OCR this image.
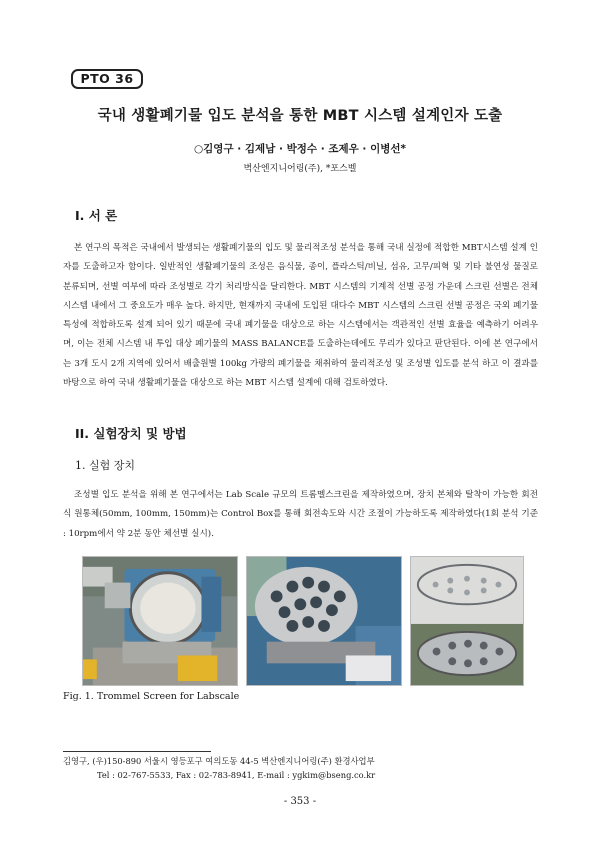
PTO 36
국내 생활폐기물 입도 분석을 통한 MBT 시스템 설계인자 도출
○김영구 · 김제남 · 박정수 · 조제우 · 이병선*
벽산엔지니어링(주), *포스벨
I. 서 론

본 연구의 목적은 국내에서 발생되는 생활폐기물의 입도 및 물리적조성 분석을 통해 국내 실정에 적합한 MBT시스템 설계 인자를 도출하고자 함이다. 일반적인 생활폐기물의 조성은 음식물, 종이, 플라스틱/비닐, 섬유, 고무/피혁 및 기타 불연성 물질로 분류되며, 선별 여부에 따라 조성별로 각기 처리방식을 달리한다. MBT 시스템의 기계적 선별 공정 가운데 스크린 선별은 전체 시스템 내에서 그 중요도가 매우 높다. 하지만, 현재까지 국내에 도입된 대다수 MBT 시스템의 스크린 선별 공정은 국외 폐기물 특성에 적합하도록 설계 되어 있기 때문에 국내 폐기물을 대상으로 하는 시스템에서는 객관적인 선별 효율을 예측하기 어려우며, 이는 전체 시스템 내 투입 대상 폐기물의 MASS BALANCE를 도출하는데에도 무리가 있다고 판단된다. 이에 본 연구에서는 3개 도시 2개 지역에 있어서 배출원별 100kg 가량의 폐기물을 채취하여 물리적조성 및 조성별 입도를 분석 하고 이 결과를 바탕으로 하여 국내 생활폐기물을 대상으로 하는 MBT 시스템 설계에 대해 검토하였다.

II. 실험장치 및 방법
1. 실험 장치

조성별 입도 분석을 위해 본 연구에서는 Lab Scale 규모의 트롬멜스크린을 제작하였으며, 장치 본체와 탈착이 가능한 회전식 원통체(50mm, 100mm, 150mm)는 Control Box를 통해 회전속도와 시간 조절이 가능하도록 제작하였다(1회 분석 기준 : 10rpm에서 약 2분 동안 체선별 실시).

Fig. 1. Trommel Screen for Labscale
김영구, (우)150-890 서울시 영등포구 여의도동 44-5 벽산엔지니어링(주) 환경사업부
Tel : 02-767-5533, Fax : 02-783-8941, E-mail : ygkim@bseng.co.kr
- 353 -
